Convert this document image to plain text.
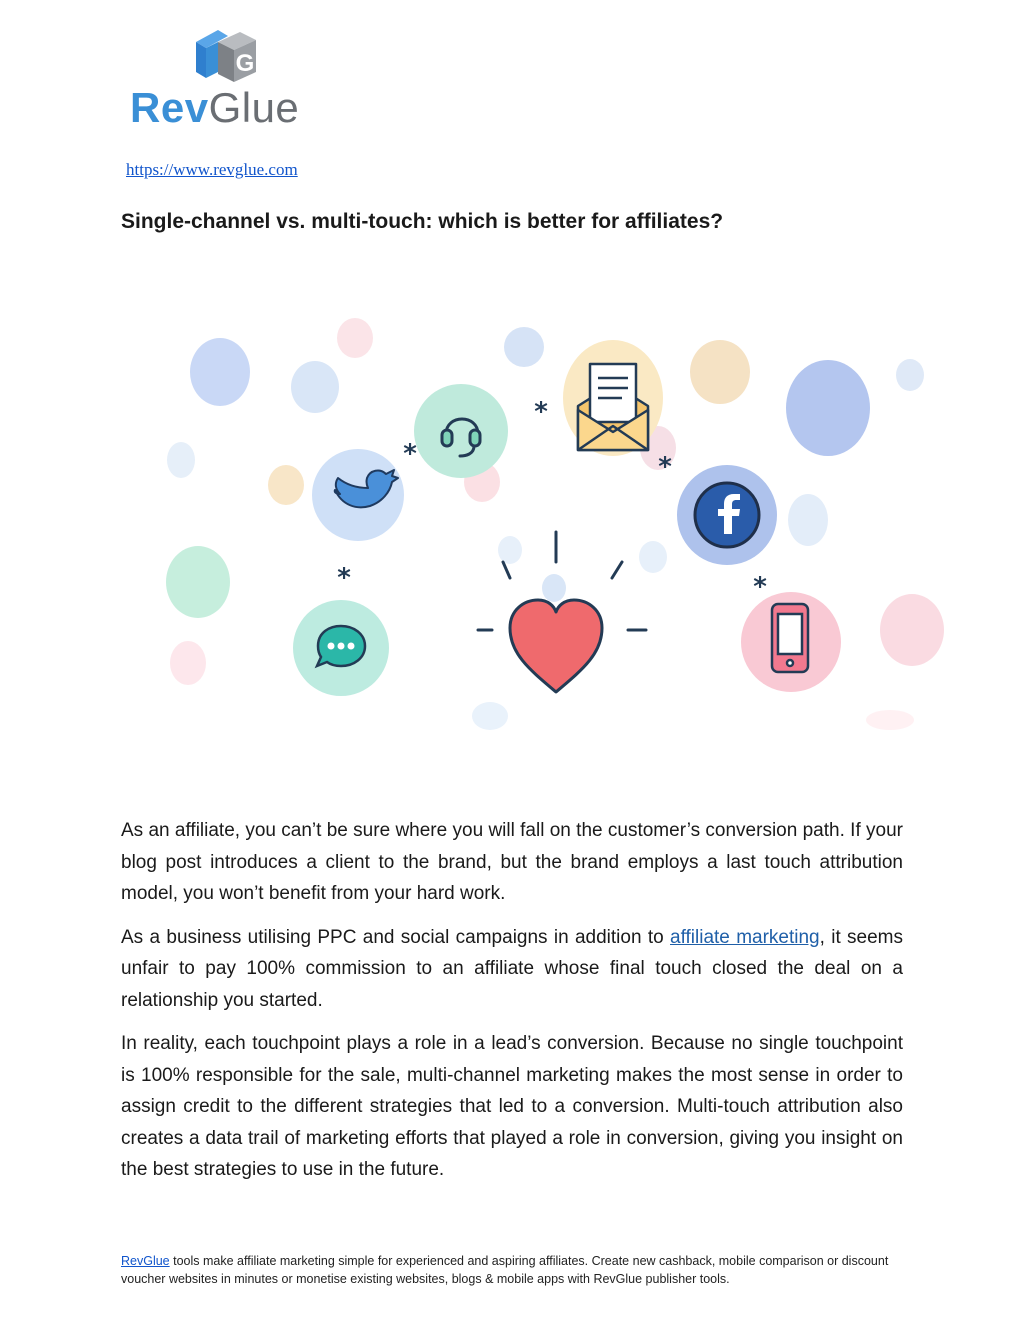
G
RevGlue
https://www.revglue.com
Single-channel vs. multi-touch: which is better for affiliates?
*
*
*
*	*

As an affiliate, you can’t be sure where you will fall on the customer’s conversion path. If your blog post introduces a client to the brand, but the brand employs a last touch attribution model, you won’t benefit from your hard work.

As a business utilising PPC and social campaigns in addition to affiliate marketing, it seems unfair to pay 100% commission to an affiliate whose final touch closed the deal on a relationship you started.

In reality, each touchpoint plays a role in a lead’s conversion. Because no single touchpoint is 100% responsible for the sale, multi-channel marketing makes the most sense in order to assign credit to the different strategies that led to a conversion. Multi-touch attribution also creates a data trail of marketing efforts that played a role in conversion, giving you insight on the best strategies to use in the future.

RevGlue tools make affiliate marketing simple for experienced and aspiring affiliates. Create new cashback, mobile comparison or discount voucher websites in minutes or monetise existing websites, blogs & mobile apps with RevGlue publisher tools.
